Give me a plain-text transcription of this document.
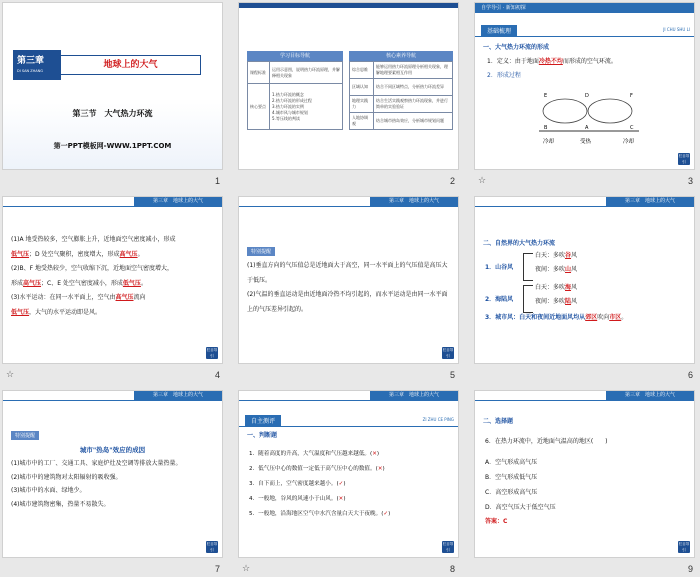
第三章
DI SAN ZHANG
地球上的大气
第三节　大气热力环流
第一PPT模板网-WWW.1PPT.COM
1
学习目标导航
课程标准	运用示意图，说明热力环流原理，并解释相关现象
核心要点	1.热力环流的概念
2.热力环流的形成过程
3.热力环流的实例
4.城市风与城市规划
5.等压线的判读
核心素养导航
综合思维	能够运用热力环流原理分析相关现象，理解地理要素相互作用
区域认知	结合不同区域特点，分析热力环流差异
地理实践力	结合生活实践观察热力环流现象，并进行简单的实验验证
人地协调观	结合城市热岛效应，分析城市规划问题
2
自学导引 · 新知初探
基础梳理	JI CHU SHU LI
一、大气热力环流的形成
1．定义：由于地面冷热不均而形成的空气环流。
2．形成过程
E	D	F
B	A	C
冷却	受热	冷却
栏目导引
☆	3
第三章　地球上的大气
(1)A 地受热较多，空气膨胀上升，近地面空气密度减小，形成
低气压；D 处空气聚积，密度增大，形成高气压。
(2)B、F 地受热较少，空气收缩下沉，近地面空气密度增大，
形成高气压；C、E 处空气密度减小，形成低气压。
(3)水平运动：在同一水平面上，空气由高气压流向
低气压，大气的水平运动即是风。
栏目导引
☆	4
第三章　地球上的大气
特别提醒
(1)垂直方向的气压值总是近地面大于高空，同一水平面上的气压值是高压大于低压。
(2)气温的垂直运动是由近地面冷热不均引起的，而水平运动是由同一水平面上的气压差异引起的。
栏目导引
5
第三章　地球上的大气
二、自然界的大气热力环流
1．山谷风
白天：多吹谷风
夜间：多吹山风
2．海陆风
白天：多吹海风
夜间：多吹陆风
3．城市风：白天和夜间近地面风均从郊区吹向市区。
6
第三章　地球上的大气
特别提醒
城市"热岛"效应的成因
(1)城市中的工厂、交通工具、家庭炉灶及空调等排放大量热量。
(2)城市中的建筑物对太阳辐射的吸收强。
(3)城市中的水面、绿地少。
(4)城市建筑物密集，热量不易散失。
栏目导引
7
第三章　地球上的大气
自主测评	ZI ZHU CE PING
一、判断题
1．随着高度的升高，大气温度和气压越来越低。(✕)
2．低气压中心的数值一定低于高气压中心的数值。(✕)
3．自下而上，空气密度越来越小。(✓)
4．一般地，谷风的风速小于山风。(✕)
5．一般地，沿海地区空气中水汽含量白天大于夜晚。(✓)
栏目导引
☆	8
第三章　地球上的大气
二、选择题
6．在热力环流中，近地面气温高的地区(　　)
A．空气形成高气压
B．空气形成低气压
C．高空形成高气压
D．高空气压大于低空气压
答案：C
栏目导引
9
